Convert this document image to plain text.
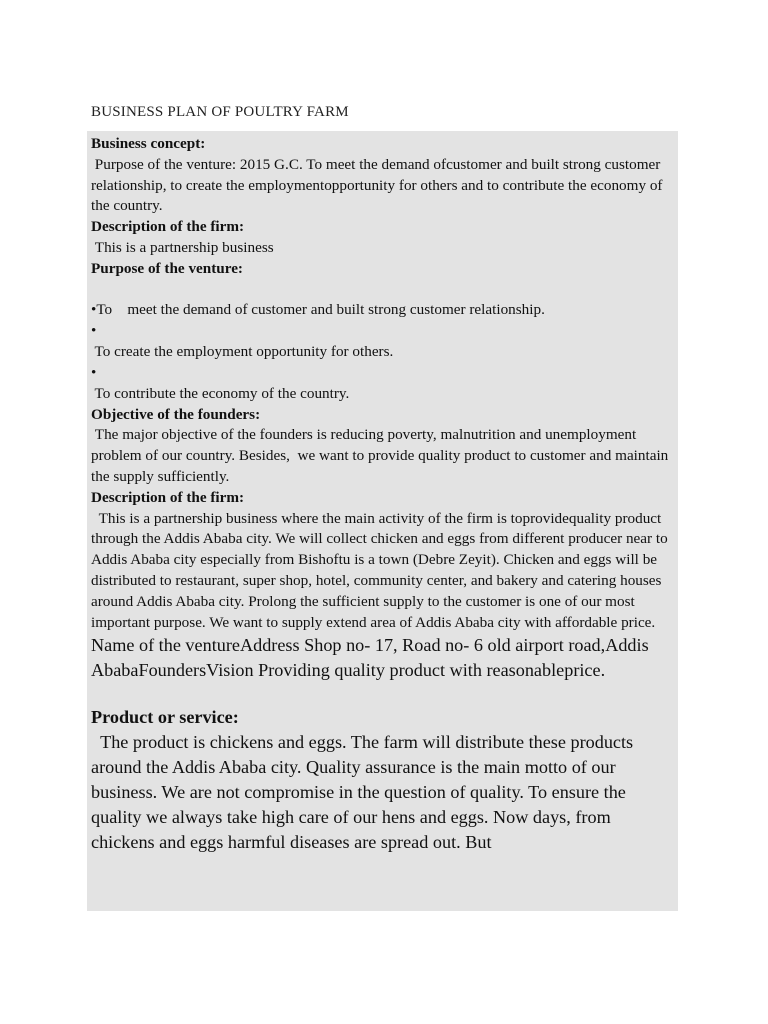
BUSINESS PLAN OF POULTRY FARM

Business concept:

Purpose of the venture: 2015 G.C. To meet the demand ofcustomer and built strong customer relationship, to create the employmentopportunity for others and to contribute the economy of the country.

Description of the firm:

This is a partnership business

Purpose of the venture:

•To    meet the demand of customer and built strong customer relationship.

•

To create the employment opportunity for others.

•

To contribute the economy of the country.

Objective of the founders:

The major objective of the founders is reducing poverty, malnutrition and unemployment problem of our country. Besides,  we want to provide quality product to customer and maintain the supply sufficiently.

Description of the firm:

This is a partnership business where the main activity of the firm is toprovidequality product through the Addis Ababa city. We will collect chicken and eggs from different producer near to Addis Ababa city especially from Bishoftu is a town (Debre Zeyit). Chicken and eggs will be distributed to restaurant, super shop, hotel, community center, and bakery and catering houses around Addis Ababa city. Prolong the sufficient supply to the customer is one of our most important purpose. We want to supply extend area of Addis Ababa city with affordable price.

Name of the ventureAddress Shop no- 17, Road no- 6 old airport road,Addis AbabaFoundersVision Providing quality product with reasonableprice.

Product or service:

The product is chickens and eggs. The farm will distribute these products around the Addis Ababa city. Quality assurance is the main motto of our business. We are not compromise in the question of quality. To ensure the quality we always take high care of our hens and eggs. Now days, from chickens and eggs harmful diseases are spread out. But
